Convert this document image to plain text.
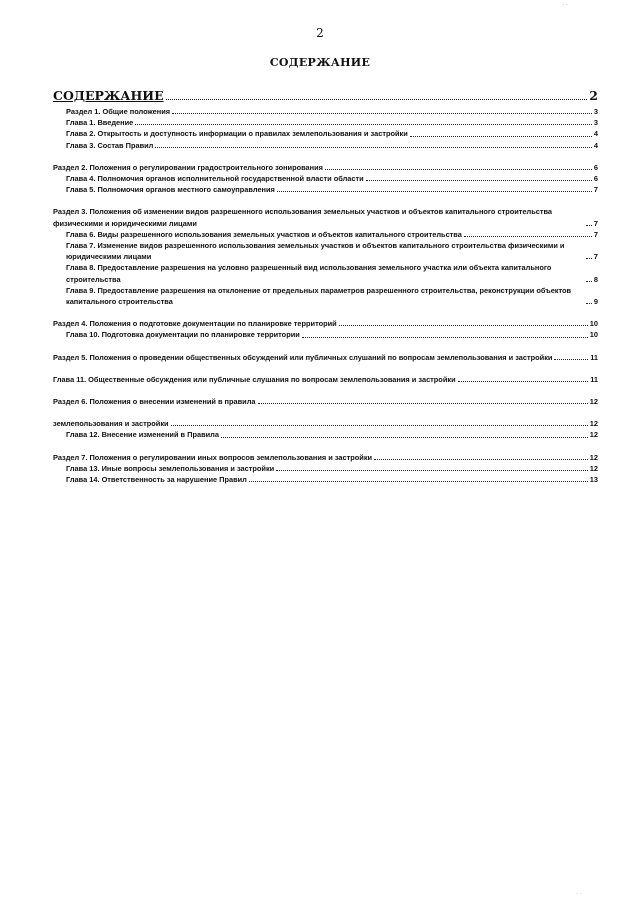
2
СОДЕРЖАНИЕ
СОДЕРЖАНИЕ	2
Раздел 1. Общие положения	3
Глава 1. Введение	3
Глава 2. Открытость и доступность информации о правилах землепользования и застройки	4
Глава 3. Состав Правил	4
Раздел 2. Положения о регулировании градостроительного зонирования	6
Глава 4. Полномочия органов исполнительной государственной власти области	6
Глава 5. Полномочия органов местного самоуправления	7
Раздел 3. Положения об изменении видов разрешенного использования земельных участков и объектов капитального строительства физическими и юридическими лицами	7
Глава 6. Виды разрешенного использования земельных участков и объектов капитального строительства	7
Глава 7. Изменение видов разрешенного использования земельных участков и объектов капитального строительства физическими и юридическими лицами	7
Глава 8. Предоставление разрешения на условно разрешенный вид использования земельного участка или объекта капитального строительства	8
Глава 9. Предоставление разрешения на отклонение от предельных параметров разрешенного строительства, реконструкции объектов капитального строительства	9
Раздел 4. Положения о подготовке документации по планировке территорий	10
Глава 10. Подготовка документации по планировке территории	10
Раздел 5. Положения о проведении общественных обсуждений или публичных слушаний по вопросам землепользования и застройки	11
Глава 11. Общественные обсуждения или публичные слушания по вопросам землепользования и застройки	11
Раздел 6. Положения о внесении изменений в правила	12
землепользования и застройки	12
Глава 12. Внесение изменений в Правила	12
Раздел 7. Положения о регулировании иных вопросов землепользования и застройки	12
Глава 13. Иные вопросы землепользования и застройки	12
Глава 14. Ответственность за нарушение Правил	13
· ·
· ·
